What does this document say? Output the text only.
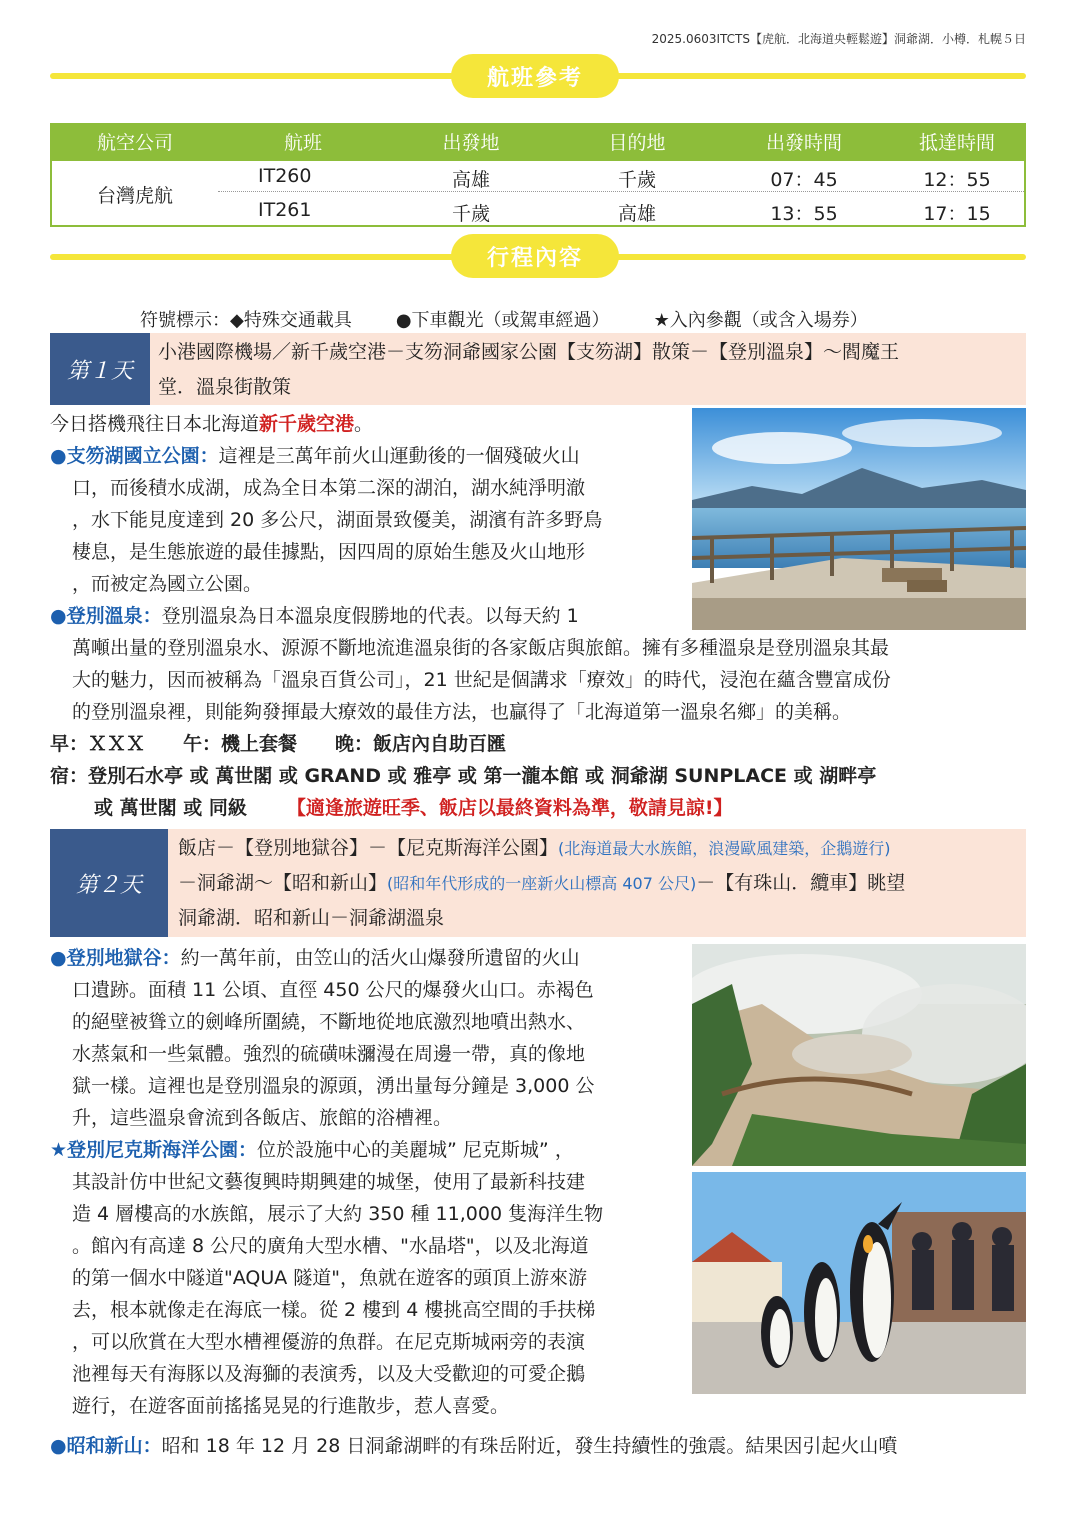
2025.0603ITCTS【虎航．北海道央輕鬆遊】洞爺湖．小樽．札幌５日
航班參考
航空公司	航班	出發地	目的地	出發時間	抵達時間
台灣虎航
IT260	高雄	千歲	07：45	12：55
IT261	千歲	高雄	13：55	17：15
行程內容
符號標示：◆特殊交通載具 ●下車觀光（或駕車經過） ★入內參觀（或含入場券）
第１天
小港國際機場／新千歲空港－支笏洞爺國家公園【支笏湖】散策－【登別溫泉】～閻魔王
堂．溫泉街散策

今日搭機飛往日本北海道新千歲空港。

●支笏湖國立公園：這裡是三萬年前火山運動後的一個殘破火山

口，而後積水成湖，成為全日本第二深的湖泊，湖水純淨明澈

，水下能見度達到 20 多公尺，湖面景致優美，湖濱有許多野鳥

棲息，是生態旅遊的最佳據點，因四周的原始生態及火山地形

，而被定為國立公園。

●登別溫泉：登別溫泉為日本溫泉度假勝地的代表。以每天約 1

萬噸出量的登別溫泉水、源源不斷地流進溫泉街的各家飯店與旅館。擁有多種溫泉是登別溫泉其最

大的魅力，因而被稱為「溫泉百貨公司」，21 世紀是個講求「療效」的時代，浸泡在蘊含豐富成份

的登別溫泉裡，則能夠發揮最大療效的最佳方法，也贏得了「北海道第一溫泉名鄉」的美稱。

早：ＸＸＸ　　午：機上套餐　　晚：飯店內自助百匯

宿：登別石水亭 或 萬世閣 或 GRAND 或 雅亭 或 第一瀧本館 或 洞爺湖 SUNPLACE 或 湖畔亭

或 萬世閣 或 同級 【適逢旅遊旺季、飯店以最終資料為準，敬請見諒!】

第２天
飯店－【登別地獄谷】－【尼克斯海洋公園】(北海道最大水族館，浪漫歐風建築，企鵝遊行)
－洞爺湖～【昭和新山】(昭和年代形成的一座新火山標高 407 公尺)－【有珠山．纜車】眺望
洞爺湖．昭和新山－洞爺湖溫泉

●登別地獄谷：約一萬年前，由笠山的活火山爆發所遺留的火山

口遺跡。面積 11 公頃、直徑 450 公尺的爆發火山口。赤褐色

的絕壁被聳立的劍峰所圍繞，不斷地從地底激烈地噴出熱水、

水蒸氣和一些氣體。強烈的硫磺味瀰漫在周邊一帶，真的像地

獄一樣。這裡也是登別溫泉的源頭，湧出量每分鐘是 3,000 公

升，這些溫泉會流到各飯店、旅館的浴槽裡。

★登別尼克斯海洋公園：位於設施中心的美麗城” 尼克斯城” ，

其設計仿中世紀文藝復興時期興建的城堡，使用了最新科技建

造 4 層樓高的水族館，展示了大約 350 種 11,000 隻海洋生物

。館內有高達 8 公尺的廣角大型水槽、"水晶塔"，以及北海道

的第一個水中隧道"AQUA 隧道"，魚就在遊客的頭頂上游來游

去，根本就像走在海底一樣。從 2 樓到 4 樓挑高空間的手扶梯

，可以欣賞在大型水槽裡優游的魚群。在尼克斯城兩旁的表演

池裡每天有海豚以及海獅的表演秀，以及大受歡迎的可愛企鵝

遊行，在遊客面前搖搖晃晃的行進散步，惹人喜愛。

●昭和新山：昭和 18 年 12 月 28 日洞爺湖畔的有珠岳附近，發生持續性的強震。結果因引起火山噴
